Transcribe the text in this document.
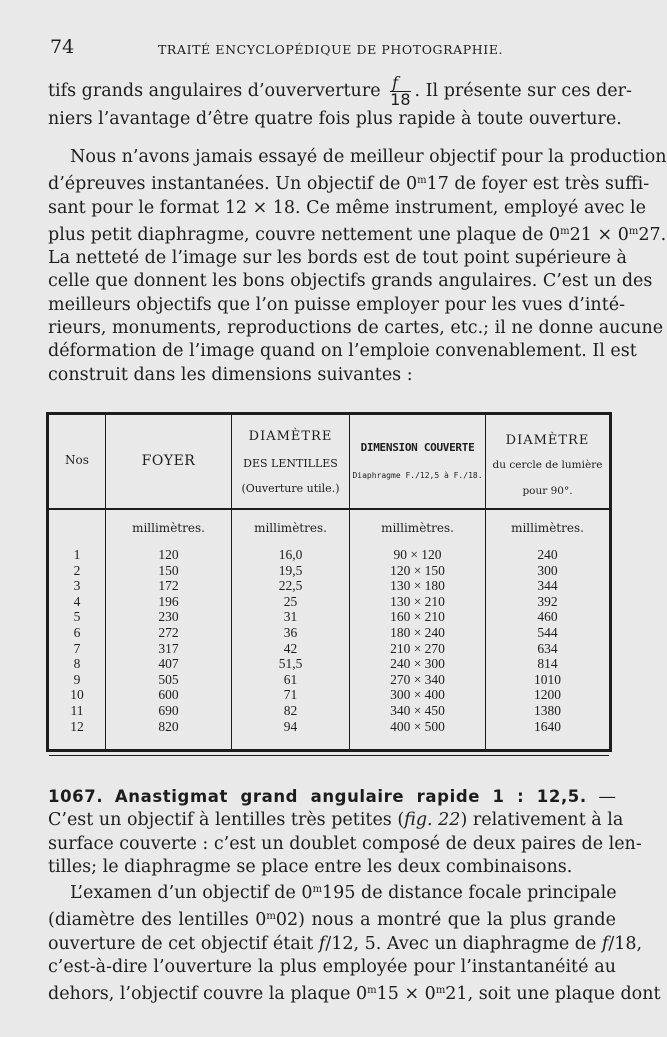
74	TRAITÉ ENCYCLOPÉDIQUE DE PHOTOGRAPHIE.
tifs grands angulaires d’ouververture $\frac{f}{18}$ . Il présente sur ces der-
niers l’avantage d’être quatre fois plus rapide à toute ouverture.
Nous n’avons jamais essayé de meilleur objectif pour la production
d’épreuves instantanées. Un objectif de 0$^m$17 de foyer est très suffi-
sant pour le format 12 × 18. Ce même instrument, employé avec le
plus petit diaphragme, couvre nettement une plaque de $0^m21 \times 0^m27$.
La netteté de l’image sur les bords est de tout point supérieure à
celle que donnent les bons objectifs grands angulaires. C’est un des
meilleurs objectifs que l’on puisse employer pour les vues d’inté-
rieurs, monuments, reproductions de cartes, etc.; il ne donne aucune
déformation de l’image quand on l’emploie convenablement. Il est
construit dans les dimensions suivantes :
Nos
1
2
3
4
5
6
7
8
9
10
11
12
FOYER
millimètres.
120
150
172
196
230
272
317
407
505
600
690
820
DIAMÈTRE
DES LENTILLES
(Ouverture utile.)
millimètres.
16,0
19,5
22,5
25
31
36
42
51,5
61
71
82
94
DIMENSION COUVERTE
Diaphragme F./12,5 à F./18.
millimètres.
90 × 120
120 × 150
130 × 180
130 × 210
160 × 210
180 × 240
210 × 270
240 × 300
270 × 340
300 × 400
340 × 450
400 × 500
DIAMÈTRE
du cercle de lumière
pour 90°.
millimètres.
240
300
344
392
460
544
634
814
1010
1200
1380
1640
1067. Anastigmat grand angulaire rapide 1 : 12,5. —
C’est un objectif à lentilles très petites (fig. 22) relativement à la
surface couverte : c’est un doublet composé de deux paires de len-
tilles; le diaphragme se place entre les deux combinaisons.
L’examen d’un objectif de 0$^m$195 de distance focale principale
(diamètre des lentilles 0$^m$02) nous a montré que la plus grande
ouverture de cet objectif était f/12, 5. Avec un diaphragme de f/18,
c’est-à-dire l’ouverture la plus employée pour l’instantanéité au
dehors, l’objectif couvre la plaque $0^m15 \times 0^m21$, soit une plaque dont
